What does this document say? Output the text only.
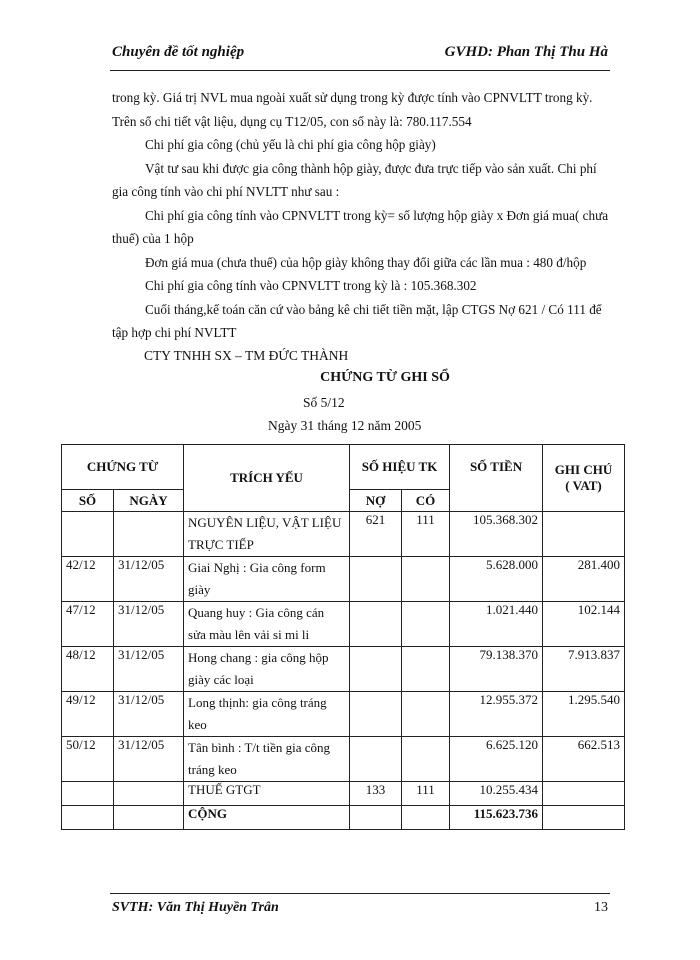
Chuyên đề tốt nghiệp	GVHD: Phan Thị Thu Hà

trong kỳ. Giá trị NVL mua ngoài xuất sử dụng trong kỳ được tính vào CPNVLTT trong kỳ. Trên sổ chi tiết vật liệu, dụng cụ T12/05, con số này là: 780.117.554

Chi phí gia công (chủ yếu là chi phí gia công hộp giày)

Vật tư sau khi được gia công thành hộp giày, được đưa trực tiếp vào sản xuất. Chi phí gia công tính vào chi phí NVLTT như sau :

Chi phí gia công tính vào CPNVLTT trong kỳ= số lượng hộp giày x Đơn giá mua( chưa thuế) của 1 hộp

Đơn giá mua (chưa thuế) của hộp giày không thay đổi giữa các lần mua : 480 đ/hộp

Chi phí gia công tính vào CPNVLTT trong kỳ là : 105.368.302

Cuối tháng,kế toán căn cứ vào bảng kê chi tiết tiền mặt, lập CTGS Nợ 621 / Có 111 để tập hợp chi phí NVLTT

CTY TNHH SX – TM ĐỨC THÀNH
CHỨNG TỪ GHI SỔ
Số 5/12
Ngày 31 tháng 12 năm 2005
CHỨNG TỪ		TRÍCH YẾU	SỐ HIỆU TK		SỐ TIỀN	GHI CHÚ
( VAT)

SỐ	NGÀY		NỢ	CÓ		
		NGUYÊN LIỆU, VẬT LIỆU TRỰC TIẾP	621	111	105.368.302	
42/12	31/12/05	Giai Nghị : Gia công form giày			5.628.000	281.400
47/12	31/12/05	Quang huy : Gia công cán sửa màu lên vải si mi li			1.021.440	102.144
48/12	31/12/05	Hong chang : gia công hộp giày các loại			79.138.370	7.913.837
49/12	31/12/05	Long thịnh: gia công tráng keo			12.955.372	1.295.540
50/12	31/12/05	Tân bình : T/t tiền gia công tráng keo			6.625.120	662.513
		THUẾ GTGT	133	111	10.255.434	
		CỘNG			115.623.736	
SVTH: Văn Thị Huyền Trân	13
